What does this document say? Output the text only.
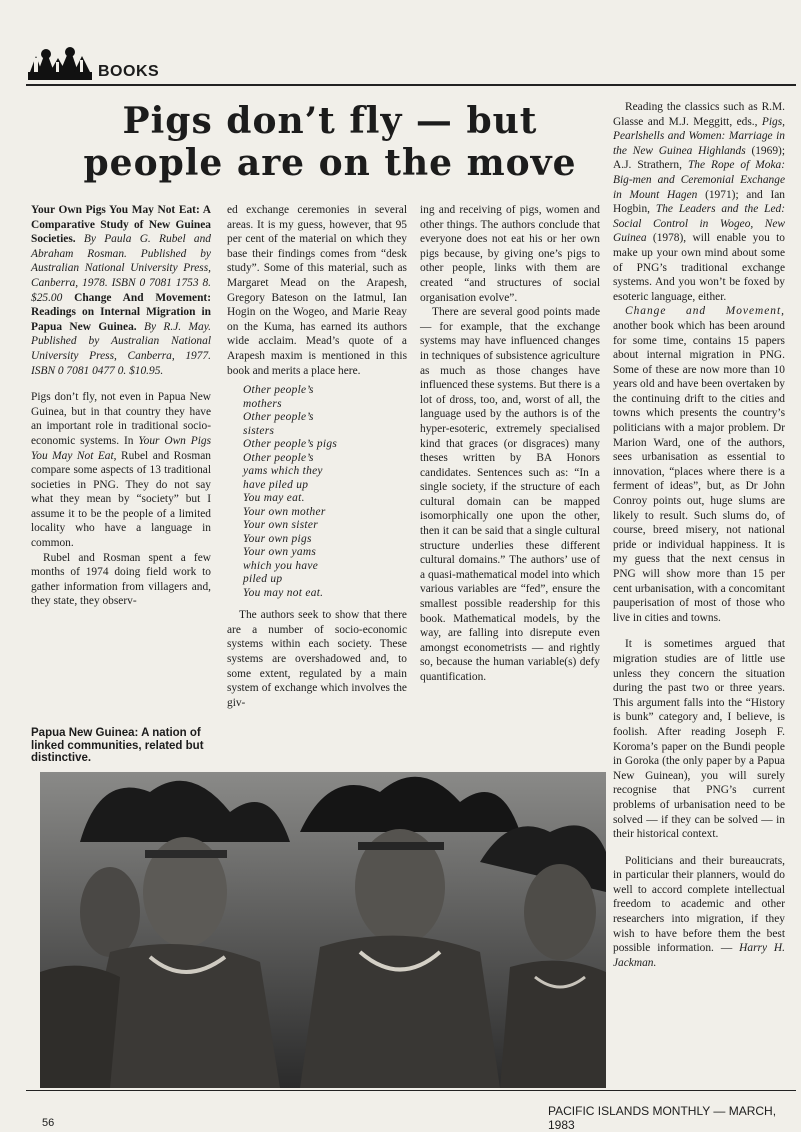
BOOKS
Pigs don’t fly — but
people are on the move

Your Own Pigs You May Not Eat: A Comparative Study of New Guinea Societies. By Paula G. Rubel and Abraham Rosman. Published by Australian National University Press, Canberra, 1978. ISBN 0 7081 1753 8. $25.00 Change And Movement: Readings on Internal Migration in Papua New Guinea. By R.J. May. Published by Australian National University Press, Canberra, 1977. ISBN 0 7081 0477 0. $10.95.

Pigs don’t fly, not even in Papua New Guinea, but in that country they have an important role in traditional socio-economic systems. In Your Own Pigs You May Not Eat, Rubel and Rosman compare some aspects of 13 traditional societies in PNG. They do not say what they mean by “society” but I assume it to be the people of a limited locality who have a language in common.

Rubel and Rosman spent a few months of 1974 doing field work to gather information from villagers and, they state, they observ-

Papua New Guinea: A nation of linked communities, related but distinctive.

ed exchange ceremonies in several areas. It is my guess, however, that 95 per cent of the material on which they base their findings comes from “desk study”. Some of this material, such as Margaret Mead on the Arapesh, Gregory Bateson on the Iatmul, Ian Hogin on the Wogeo, and Marie Reay on the Kuma, has earned its authors wide acclaim. Mead’s quote of a Arapesh maxim is mentioned in this book and merits a place here.

Other people’s
mothers
Other people’s
sisters
Other people’s pigs
Other people’s
yams which they
have piled up
You may eat.
Your own mother
Your own sister
Your own pigs
Your own yams
which you have
piled up
You may not eat.

The authors seek to show that there are a number of socio-economic systems within each society. These systems are overshadowed and, to some extent, regulated by a main system of exchange which involves the giv-

ing and receiving of pigs, women and other things. The authors conclude that everyone does not eat his or her own pigs because, by giving one’s pigs to other people, links with them are created “and structures of social organisation evolve”.

There are several good points made — for example, that the exchange systems may have influenced changes in techniques of subsistence agriculture as much as those changes have influenced these systems. But there is a lot of dross, too, and, worst of all, the language used by the authors is of the hyper-esoteric, extremely specialised kind that graces (or disgraces) many theses written by BA Honors candidates. Sentences such as: “In a single society, if the structure of each cultural domain can be mapped isomorphically one upon the other, then it can be said that a single cultural structure underlies these different cultural domains.” The authors’ use of a quasi-mathematical model into which various variables are “fed”, ensure the smallest possible readership for this book. Mathematical models, by the way, are falling into disrepute even amongst econometrists — and rightly so, because the human variable(s) defy quantification.

Reading the classics such as R.M. Glasse and M.J. Meggitt, eds., Pigs, Pearlshells and Women: Marriage in the New Guinea Highlands (1969); A.J. Strathern, The Rope of Moka: Big-men and Ceremonial Exchange in Mount Hagen (1971); and Ian Hogbin, The Leaders and the Led: Social Control in Wogeo, New Guinea (1978), will enable you to make up your own mind about some of PNG’s traditional exchange systems. And you won’t be foxed by esoteric language, either.

Change and Movement, another book which has been around for some time, contains 15 papers about internal migration in PNG. Some of these are now more than 10 years old and have been overtaken by the continuing drift to the cities and towns which presents the country’s politicians with a major problem. Dr Marion Ward, one of the authors, sees urbanisation as essential to innovation, “places where there is a ferment of ideas”, but, as Dr John Conroy points out, huge slums are likely to result. Such slums do, of course, breed misery, not national pride or individual happiness. It is my guess that the next census in PNG will show more than 15 per cent urbanisation, with a concomitant pauperisation of most of those who live in cities and towns.

It is sometimes argued that migration studies are of little use unless they concern the situation during the past two or three years. This argument falls into the “History is bunk” category and, I believe, is foolish. After reading Joseph F. Koroma’s paper on the Bundi people in Goroka (the only paper by a Papua New Guinean), you will surely recognise that PNG’s current problems of urbanisation need to be solved — if they can be solved — in their historical context.

Politicians and their bureaucrats, in particular their planners, would do well to accord complete intellectual freedom to academic and other researchers into migration, if they wish to have before them the best possible information. — Harry H. Jackman.

PACIFIC ISLANDS MONTHLY — MARCH, 1983
56
